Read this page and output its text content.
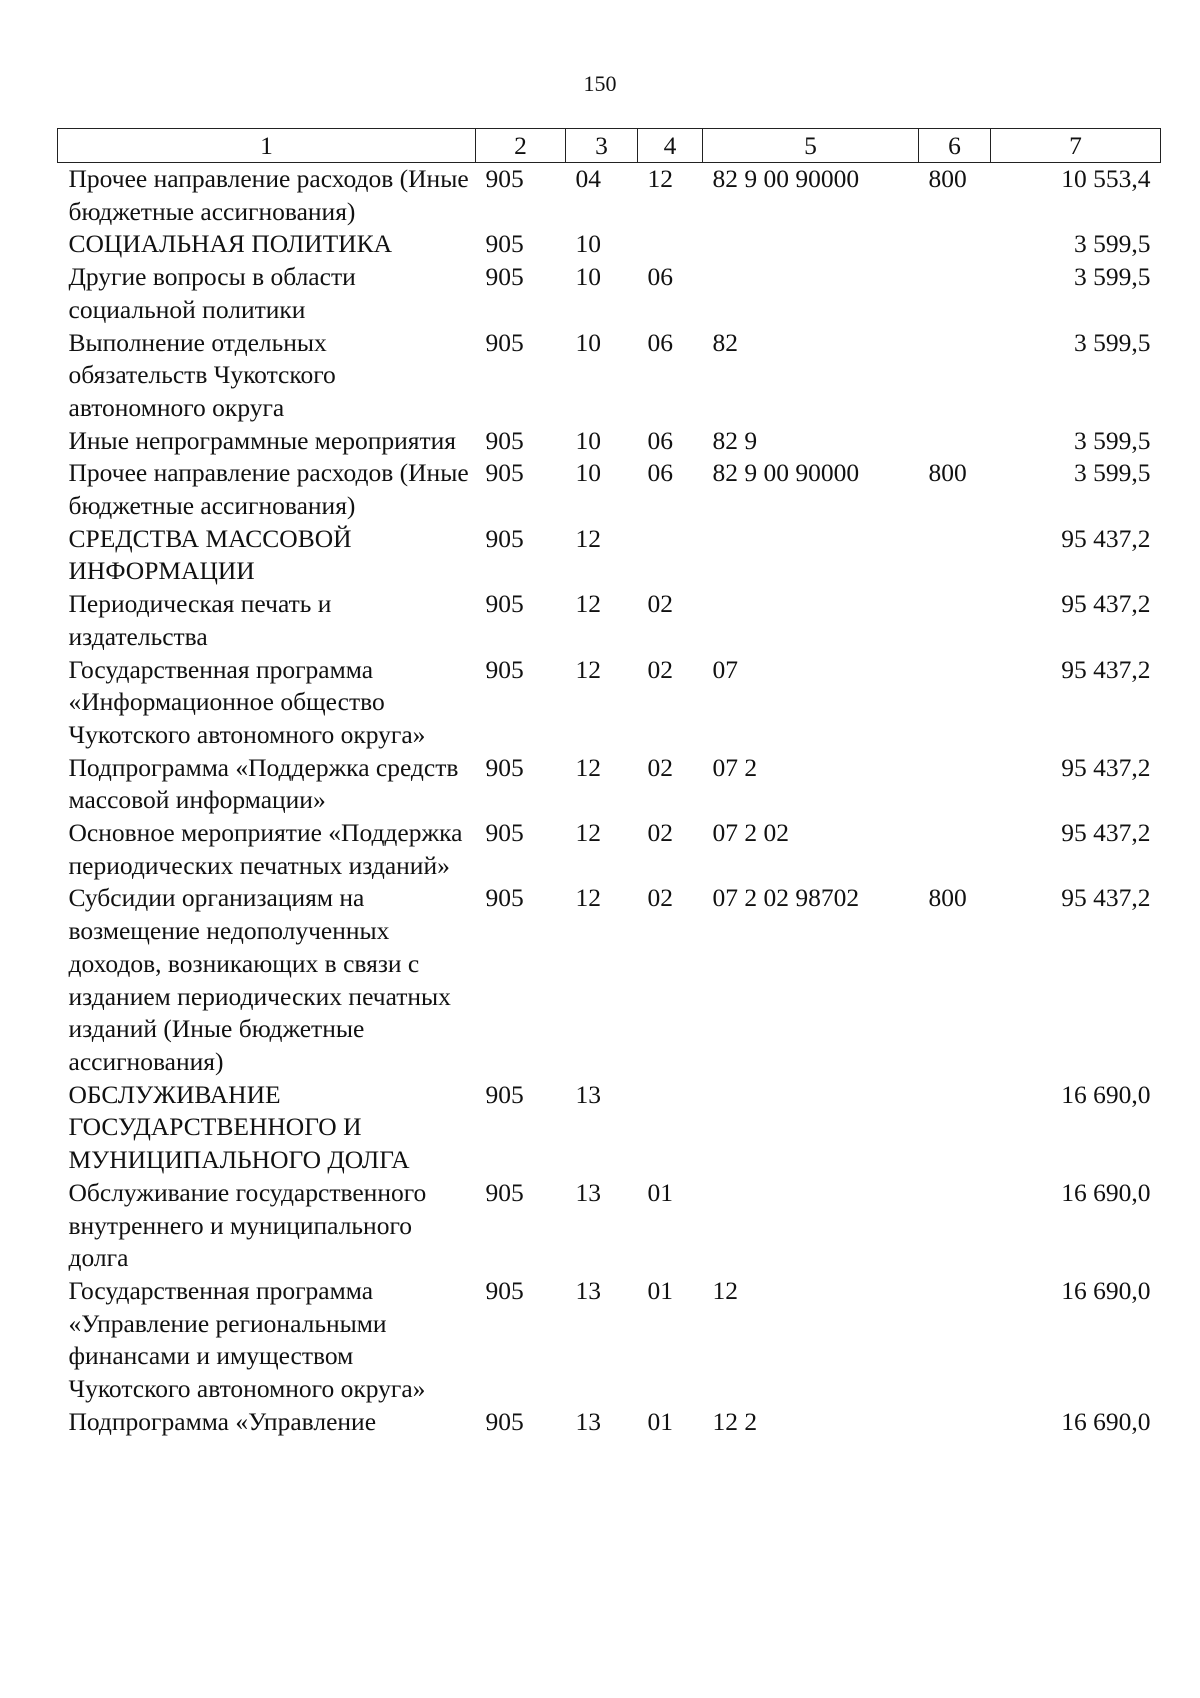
150
1	2	3	4	5	6	7
Прочее направление расходов (Иные бюджетные ассигнования)	905	04	12	82 9 00 90000	800	10 553,4
СОЦИАЛЬНАЯ ПОЛИТИКА	905	10				3 599,5
Другие вопросы в области социальной политики	905	10	06			3 599,5
Выполнение отдельных обязательств Чукотского автономного округа	905	10	06	82		3 599,5
Иные непрограммные мероприятия	905	10	06	82 9		3 599,5
Прочее направление расходов (Иные бюджетные ассигнования)	905	10	06	82 9 00 90000	800	3 599,5
СРЕДСТВА МАССОВОЙ ИНФОРМАЦИИ	905	12				95 437,2
Периодическая печать и издательства	905	12	02			95 437,2
Государственная программа «Информационное общество Чукотского автономного округа»	905	12	02	07		95 437,2
Подпрограмма «Поддержка средств массовой информации»	905	12	02	07 2		95 437,2
Основное мероприятие «Поддержка периодических печатных изданий»	905	12	02	07 2 02		95 437,2
Субсидии организациям на возмещение недополученных доходов, возникающих в связи с изданием периодических печатных изданий (Иные бюджетные ассигнования)	905	12	02	07 2 02 98702	800	95 437,2
ОБСЛУЖИВАНИЕ ГОСУДАРСТВЕННОГО И МУНИЦИПАЛЬНОГО ДОЛГА	905	13				16 690,0
Обслуживание государственного внутреннего и муниципального долга	905	13	01			16 690,0
Государственная программа «Управление региональными финансами и имуществом Чукотского автономного округа»	905	13	01	12		16 690,0
Подпрограмма «Управление	905	13	01	12 2		16 690,0
